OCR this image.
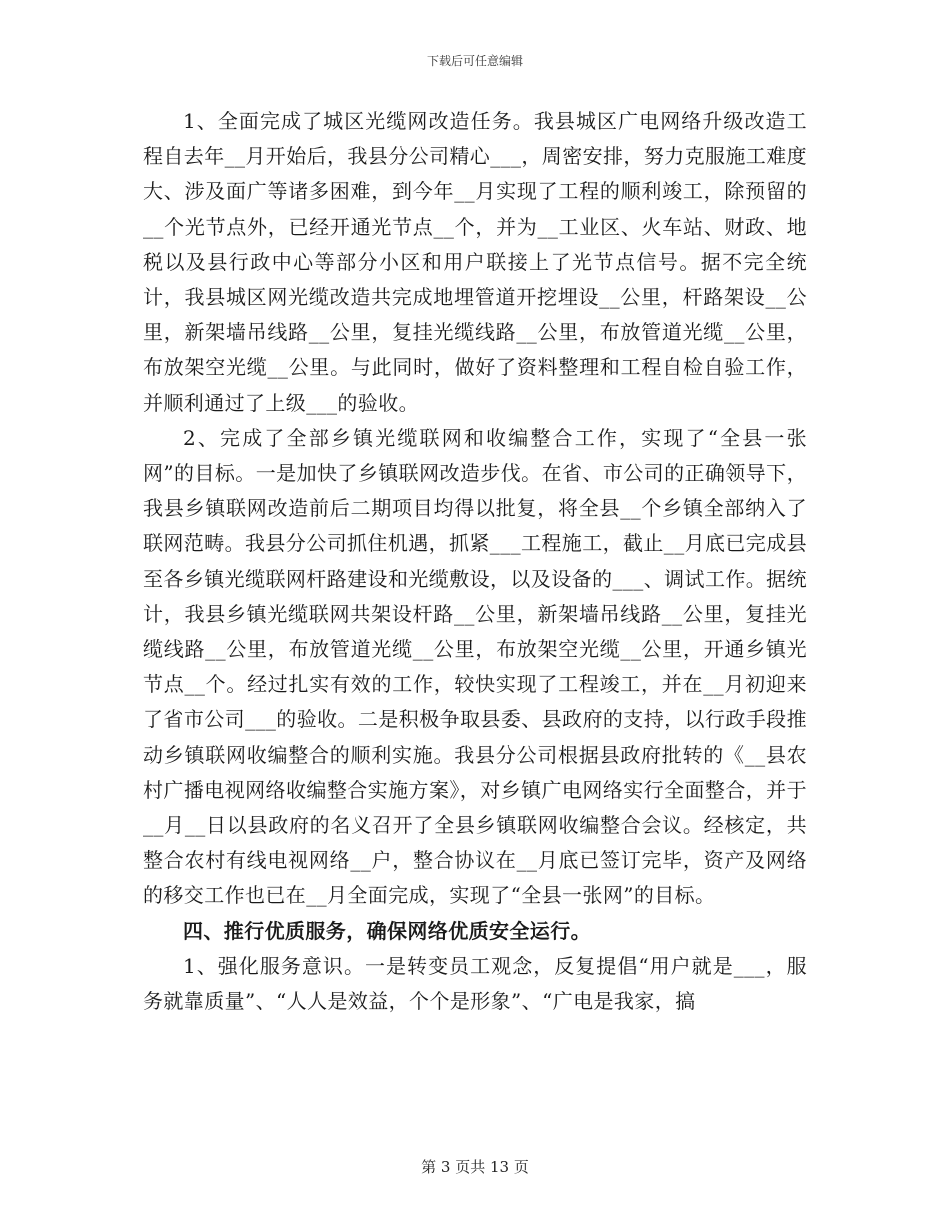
下载后可任意编辑

1、全面完成了城区光缆网改造任务。我县城区广电网络升级改造工程自去年__月开始后，我县分公司精心___，周密安排，努力克服施工难度大、涉及面广等诸多困难，到今年__月实现了工程的顺利竣工，除预留的__个光节点外，已经开通光节点__个，并为__工业区、火车站、财政、地税以及县行政中心等部分小区和用户联接上了光节点信号。据不完全统计，我县城区网光缆改造共完成地埋管道开挖埋设__公里，杆路架设__公里，新架墙吊线路__公里，复挂光缆线路__公里，布放管道光缆__公里，布放架空光缆__公里。与此同时，做好了资料整理和工程自检自验工作，并顺利通过了上级___的验收。

2、完成了全部乡镇光缆联网和收编整合工作，实现了“全县一张网”的目标。一是加快了乡镇联网改造步伐。在省、市公司的正确领导下，我县乡镇联网改造前后二期项目均得以批复，将全县__个乡镇全部纳入了联网范畴。我县分公司抓住机遇，抓紧___工程施工，截止__月底已完成县至各乡镇光缆联网杆路建设和光缆敷设，以及设备的___、调试工作。据统计，我县乡镇光缆联网共架设杆路__公里，新架墙吊线路__公里，复挂光缆线路__公里，布放管道光缆__公里，布放架空光缆__公里，开通乡镇光节点__个。经过扎实有效的工作，较快实现了工程竣工，并在__月初迎来了省市公司___的验收。二是积极争取县委、县政府的支持，以行政手段推动乡镇联网收编整合的顺利实施。我县分公司根据县政府批转的《__县农村广播电视网络收编整合实施方案》，对乡镇广电网络实行全面整合，并于__月__日以县政府的名义召开了全县乡镇联网收编整合会议。经核定，共整合农村有线电视网络__户，整合协议在__月底已签订完毕，资产及网络的移交工作也已在__月全面完成，实现了“全县一张网”的目标。

四、推行优质服务，确保网络优质安全运行。

1、强化服务意识。一是转变员工观念，反复提倡“用户就是___，服务就靠质量”、“人人是效益，个个是形象”、“广电是我家，搞

第 3 页共 13 页
